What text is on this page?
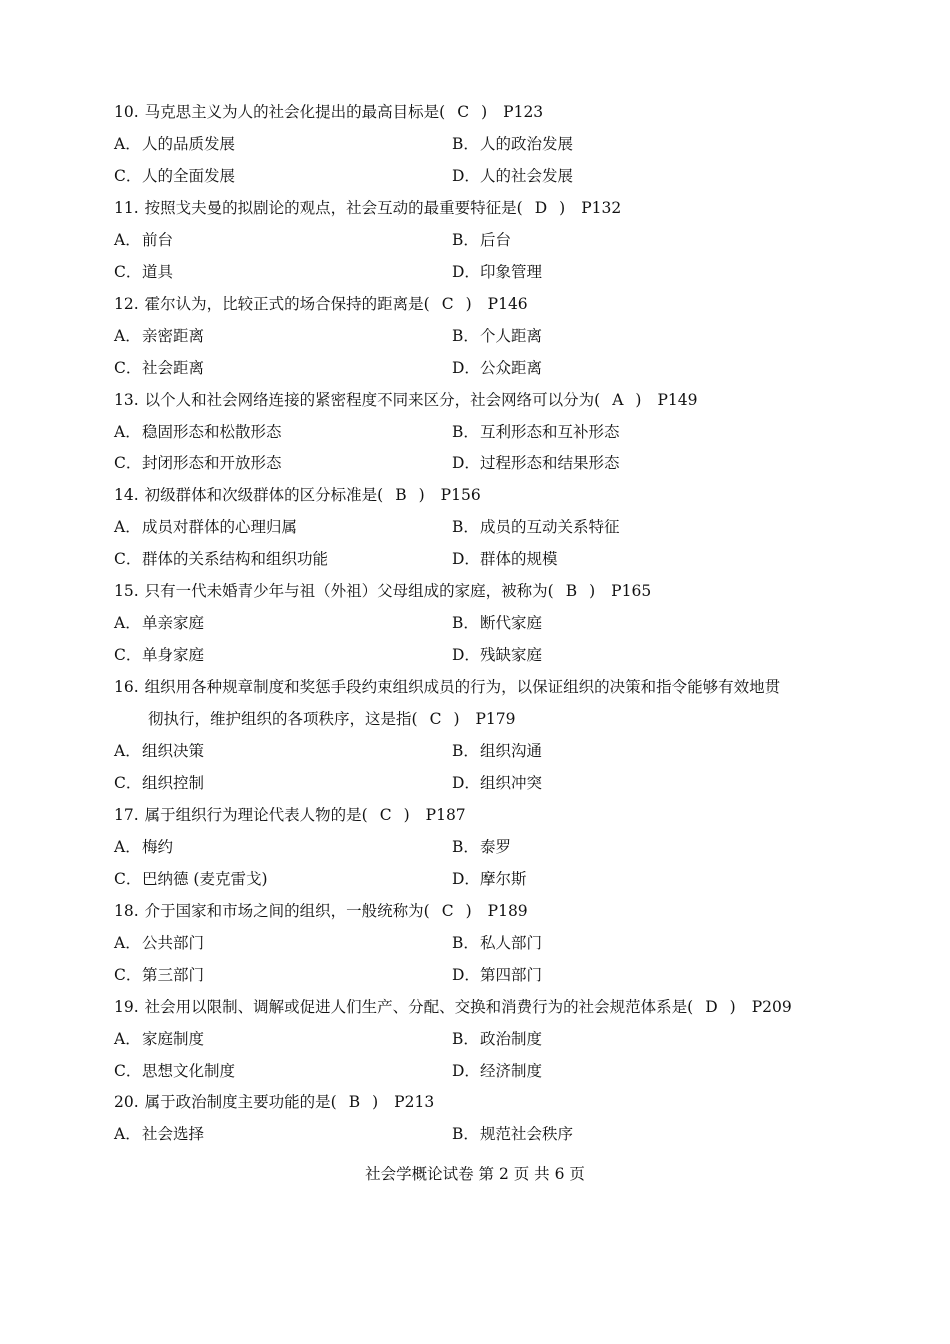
10. 马克思主义为人的社会化提出的最高目标是( C ) P123
A．人的品质发展	B．人的政治发展
C．人的全面发展	D．人的社会发展
11. 按照戈夫曼的拟剧论的观点，社会互动的最重要特征是( D ) P132
A．前台	B．后台
C．道具	D．印象管理
12. 霍尔认为，比较正式的场合保持的距离是( C ) P146
A．亲密距离	B．个人距离
C．社会距离	D．公众距离
13. 以个人和社会网络连接的紧密程度不同来区分，社会网络可以分为( A ) P149
A．稳固形态和松散形态	B．互利形态和互补形态
C．封闭形态和开放形态	D．过程形态和结果形态
14. 初级群体和次级群体的区分标准是( B ) P156
A．成员对群体的心理归属	B．成员的互动关系特征
C．群体的关系结构和组织功能	D．群体的规模
15. 只有一代未婚青少年与祖（外祖）父母组成的家庭，被称为( B ) P165
A．单亲家庭	B．断代家庭
C．单身家庭	D．残缺家庭
16. 组织用各种规章制度和奖惩手段约束组织成员的行为，以保证组织的决策和指令能够有效地贯
彻执行，维护组织的各项秩序，这是指( C ) P179
A．组织决策	B．组织沟通
C．组织控制	D．组织冲突
17. 属于组织行为理论代表人物的是( C ) P187
A．梅约	B．泰罗
C．巴纳德 (麦克雷戈)	D．摩尔斯
18. 介于国家和市场之间的组织，一般统称为( C ) P189
A．公共部门	B．私人部门
C．第三部门	D．第四部门
19. 社会用以限制、调解或促进人们生产、分配、交换和消费行为的社会规范体系是( D ) P209
A．家庭制度	B．政治制度
C．思想文化制度	D．经济制度
20. 属于政治制度主要功能的是( B ) P213
A．社会选择	B．规范社会秩序
社会学概论试卷 第 2 页 共 6 页
